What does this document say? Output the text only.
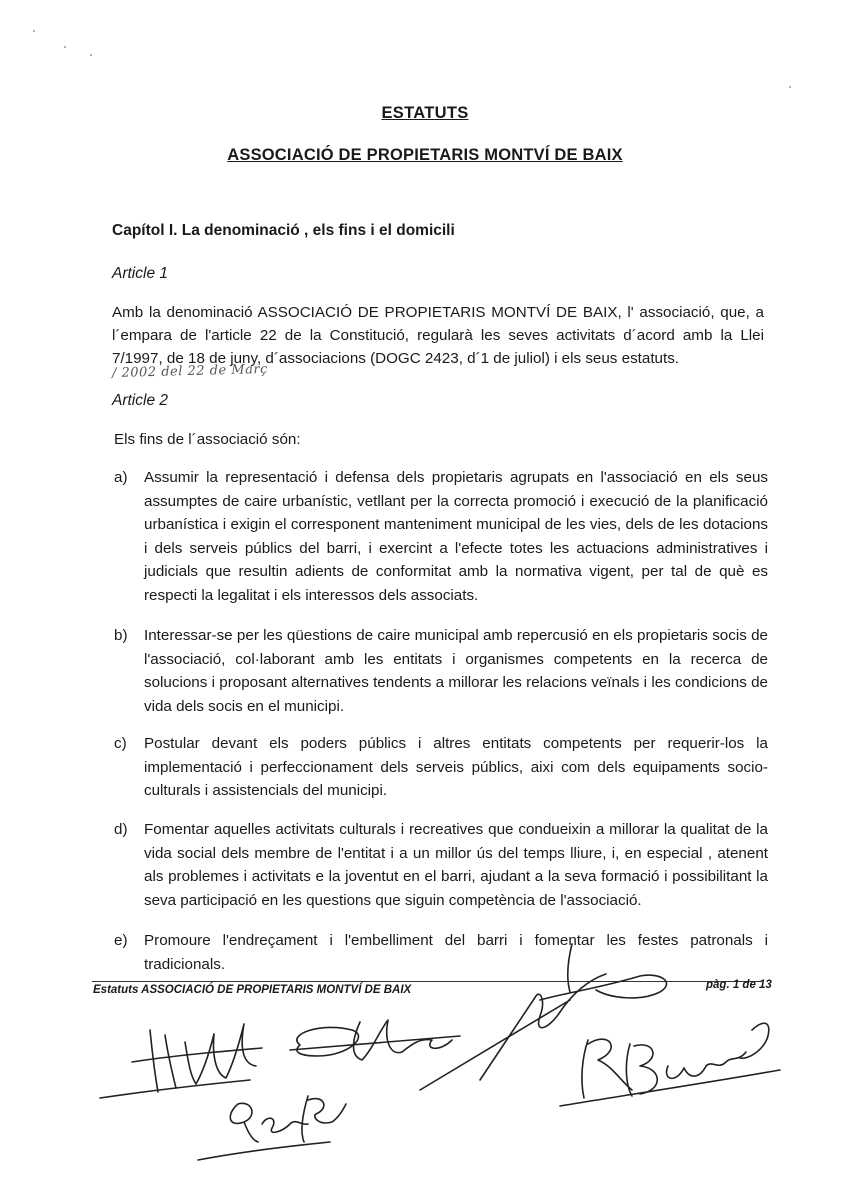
ESTATUTS
ASSOCIACIÓ DE PROPIETARIS MONTVÍ DE BAIX
Capítol I. La denominació , els fins i el domicili
Article 1
Amb la denominació ASSOCIACIÓ DE PROPIETARIS MONTVÍ DE BAIX, l' associació, que, a
l´empara de l'article 22 de la Constitució, regularà les seves activitats d´acord amb la Llei
7/1997, de 18 de juny, d´associacions (DOGC 2423, d´1 de juliol) i els seus estatuts.
/ 2002 del 22 de Març
Article 2
Els fins de l´associació són:
a) Assumir la representació i defensa dels propietaris agrupats en l'associació en els seus assumptes de caire urbanístic, vetllant per la correcta promoció i execució de la planificació urbanística i exigin el corresponent manteniment municipal de les vies, dels de les dotacions i dels serveis públics del barri, i exercint a l'efecte totes les actuacions administratives i judicials que resultin adients de conformitat amb la normativa vigent, per tal de què es respecti la legalitat i els interessos dels associats.
b) Interessar-se per les qüestions de caire municipal amb repercusió en els propietaris socis de l'associació, col·laborant amb les entitats i organismes competents en la recerca de solucions i proposant alternatives tendents a millorar les relacions veïnals i les condicions de vida dels socis en el municipi.
c) Postular devant els poders públics i altres entitats competents per requerir-los la implementació i perfeccionament dels serveis públics, aixi com dels equipaments socio-culturals i assistencials del municipi.
d) Fomentar aquelles activitats culturals i recreatives que condueixin a millorar la qualitat de la vida social dels membre de l'entitat i a un millor ús del temps lliure, i, en especial , atenent als problemes i activitats e la joventut en el barri, ajudant a la seva formació i possibilitant la seva participació en les questions que siguin competència de l'associació.
e) Promoure l'endreçament i l'embelliment del barri i fomentar les festes patronals i tradicionals.
Estatuts ASSOCIACIÓ DE PROPIETARIS MONTVÍ DE BAIX	pàg. 1 de 13
